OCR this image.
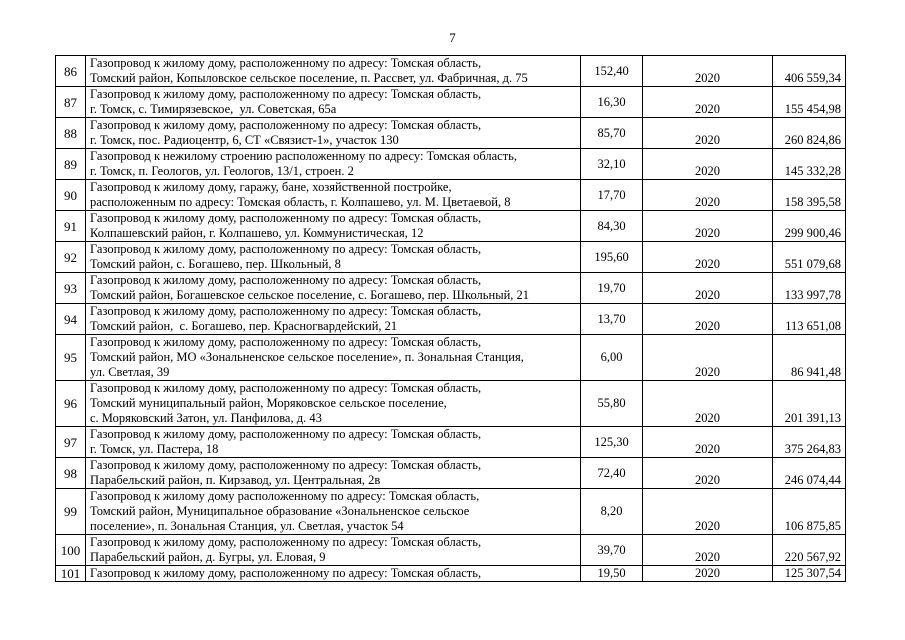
7
86	Газопровод к жилому дому, расположенному по адресу: Томская область,
Томский район, Копыловское сельское поселение, п. Рассвет, ул. Фабричная, д. 75	152,40	2020	406 559,34
87	Газопровод к жилому дому, расположенному по адресу: Томская область,
г. Томск, с. Тимирязевское,  ул. Советская, 65а	16,30	2020	155 454,98
88	Газопровод к жилому дому, расположенному по адресу: Томская область,
г. Томск, пос. Радиоцентр, 6, СТ «Связист-1», участок 130	85,70	2020	260 824,86
89	Газопровод к нежилому строению расположенному по адресу: Томская область,
г. Томск, п. Геологов, ул. Геологов, 13/1, строен. 2	32,10	2020	145 332,28
90	Газопровод к жилому дому, гаражу, бане, хозяйственной постройке,
расположенным по адресу: Томская область, г. Колпашево, ул. М. Цветаевой, 8	17,70	2020	158 395,58
91	Газопровод к жилому дому, расположенному по адресу: Томская область,
Колпашевский район, г. Колпашево, ул. Коммунистическая, 12	84,30	2020	299 900,46
92	Газопровод к жилому дому, расположенному по адресу: Томская область,
Томский район, с. Богашево, пер. Школьный, 8	195,60	2020	551 079,68
93	Газопровод к жилому дому, расположенному по адресу: Томская область,
Томский район, Богашевское сельское поселение, с. Богашево, пер. Школьный, 21	19,70	2020	133 997,78
94	Газопровод к жилому дому, расположенному по адресу: Томская область,
Томский район,  с. Богашево, пер. Красногвардейский, 21	13,70	2020	113 651,08
95	Газопровод к жилому дому, расположенному по адресу: Томская область,
Томский район, МО «Зональненское сельское поселение», п. Зональная Станция,
ул. Светлая, 39	6,00	2020	86 941,48
96	Газопровод к жилому дому, расположенному по адресу: Томская область,
Томский муниципальный район, Моряковское сельское поселение,
с. Моряковский Затон, ул. Панфилова, д. 43	55,80	2020	201 391,13
97	Газопровод к жилому дому, расположенному по адресу: Томская область,
г. Томск, ул. Пастера, 18	125,30	2020	375 264,83
98	Газопровод к жилому дому, расположенному по адресу: Томская область,
Парабельский район, п. Кирзавод, ул. Центральная, 2в	72,40	2020	246 074,44
99	Газопровод к жилому дому расположенному по адресу: Томская область,
Томский район, Муниципальное образование «Зональненское сельское
поселение», п. Зональная Станция, ул. Светлая, участок 54	8,20	2020	106 875,85
100	Газопровод к жилому дому, расположенному по адресу: Томская область,
Парабельский район, д. Бугры, ул. Еловая, 9	39,70	2020	220 567,92
101	Газопровод к жилому дому, расположенному по адресу: Томская область,	19,50	2020	125 307,54
